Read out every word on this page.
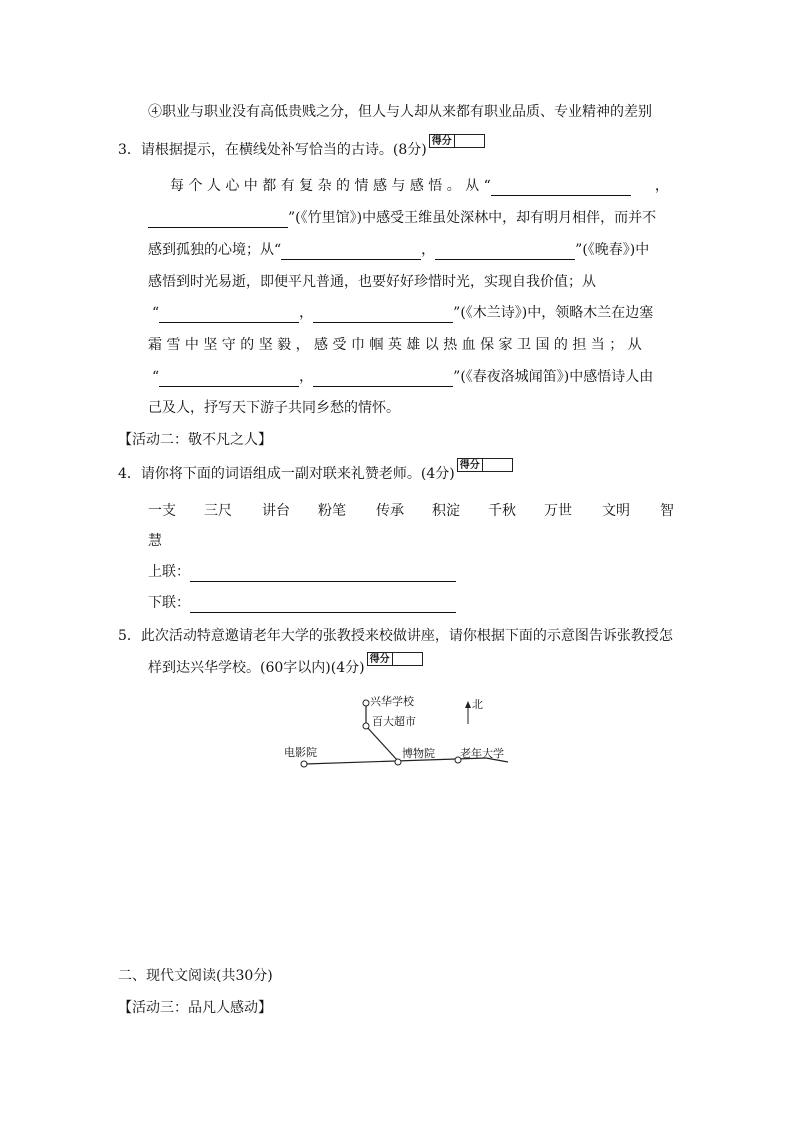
④职业与职业没有高低贵贱之分，但人与人却从来都有职业品质、专业精神的差别
3．请根据提示，在横线处补写恰当的古诗。(8分)得分
每 个 人 心 中 都 有 复 杂 的 情 感 与 感 悟 。 从 “	，
”(《竹里馆》)中感受王维虽处深林中，却有明月相伴，而并不
感到孤独的心境；从“	，	”(《晚春》)中
感悟到时光易逝，即便平凡普通，也要好好珍惜时光，实现自我价值；从
“	，	”(《木兰诗》)中，领略木兰在边塞
霜 雪 中 坚 守 的 坚 毅 ， 感 受 巾 帼 英 雄 以 热 血 保 家 卫 国 的 担 当 ； 从
“	，	”(《春夜洛城闻笛》)中感悟诗人由
己及人，抒写天下游子共同乡愁的情怀。
【活动二：敬不凡之人】
4．请你将下面的词语组成一副对联来礼赞老师。(4分)得分
一支 三尺 讲台 粉笔 传承 积淀 千秋 万世 文明 智
慧
上联：
下联：
5．此次活动特意邀请老年大学的张教授来校做讲座，请你根据下面的示意图告诉张教授怎
样到达兴华学校。(60字以内)(4分)得分
兴华学校
百大超市
电影院	博物院 老年大学
北
二、现代文阅读(共30分)
【活动三：品凡人感动】
